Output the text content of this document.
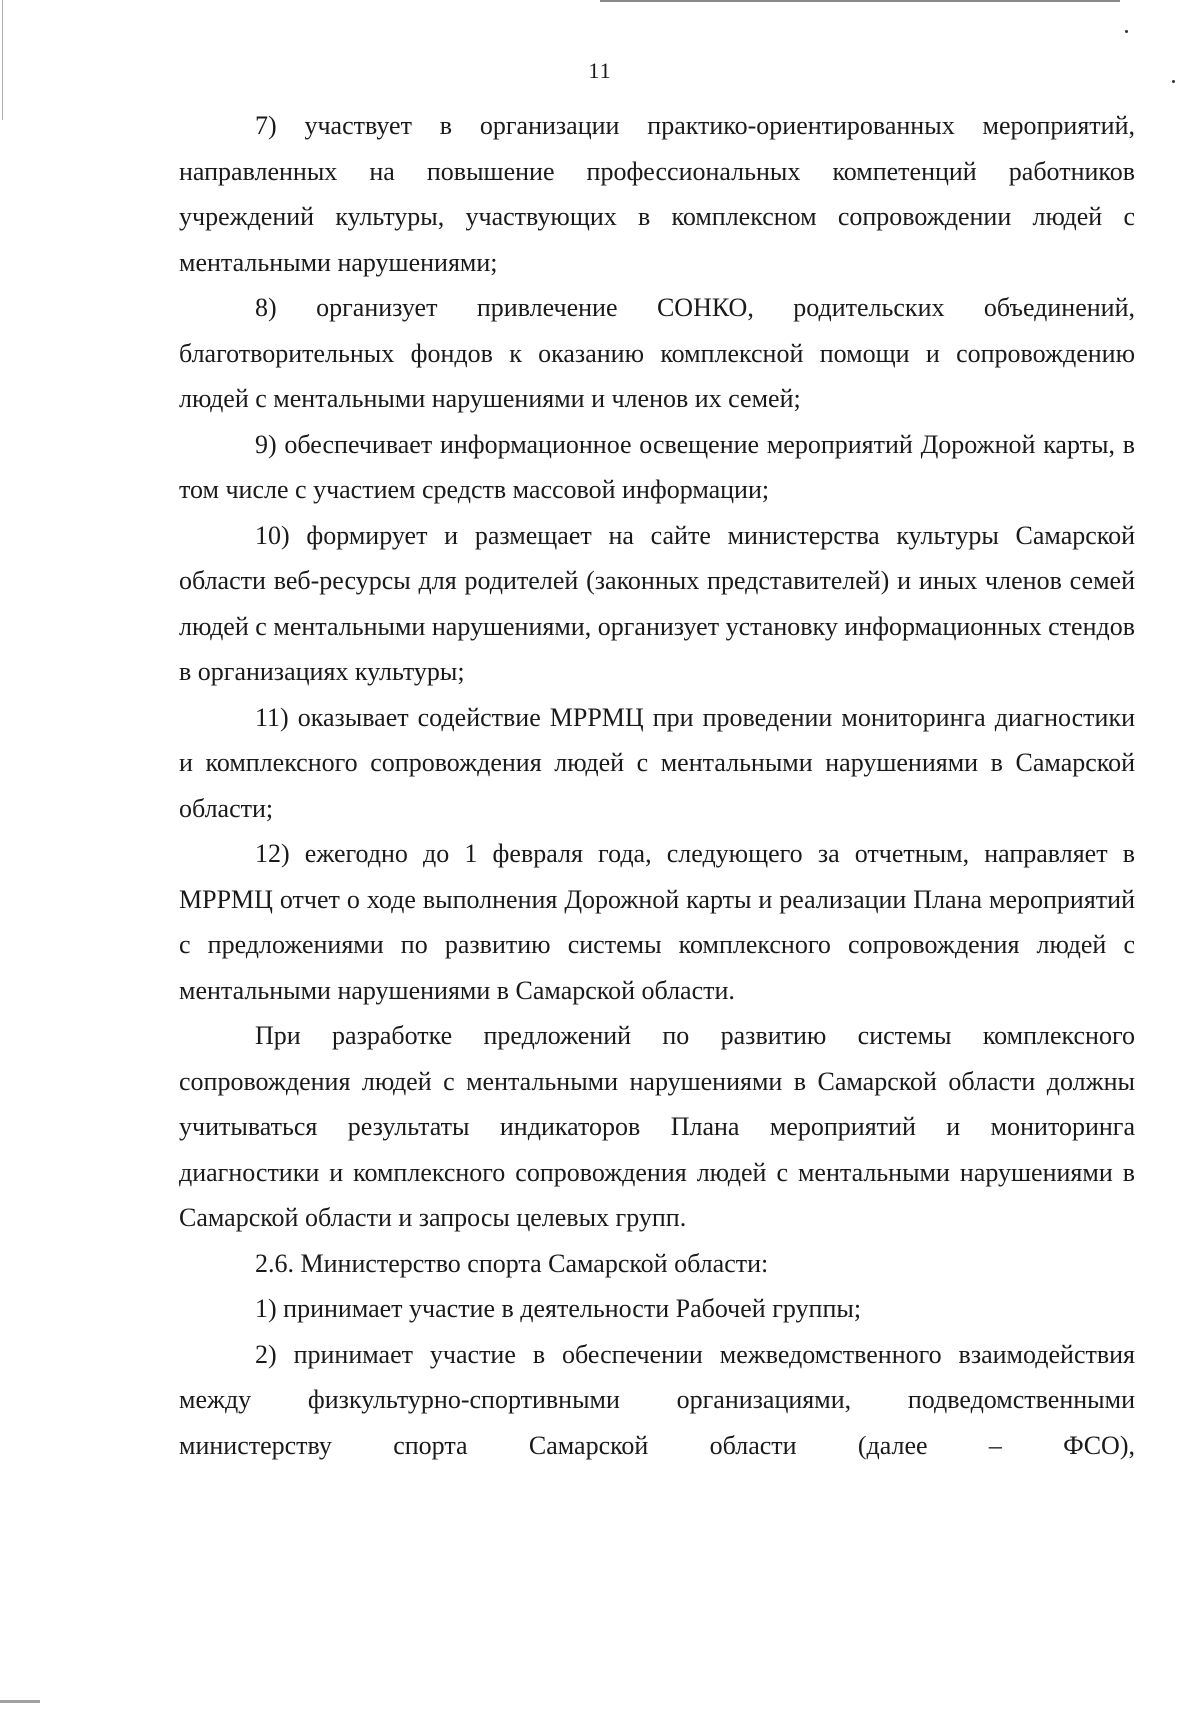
11

7) участвует в организации практико-ориентированных мероприятий, направленных на повышение профессиональных компетенций работников учреждений культуры, участвующих в комплексном сопровождении людей с ментальными нарушениями;

8) организует привлечение СОНКО, родительских объединений, благотворительных фондов к оказанию комплексной помощи и сопровождению людей с ментальными нарушениями и членов их семей;

9) обеспечивает информационное освещение мероприятий Дорожной карты, в том числе с участием средств массовой информации;

10) формирует и размещает на сайте министерства культуры Самарской области веб-ресурсы для родителей (законных представителей) и иных членов семей людей с ментальными нарушениями, организует установку информационных стендов в организациях культуры;

11) оказывает содействие МРРМЦ при проведении мониторинга диагностики и комплексного сопровождения людей с ментальными нарушениями в Самарской области;

12) ежегодно до 1 февраля года, следующего за отчетным, направляет в МРРМЦ отчет о ходе выполнения Дорожной карты и реализации Плана мероприятий с предложениями по развитию системы комплексного сопровождения людей с ментальными нарушениями в Самарской области.

При разработке предложений по развитию системы комплексного сопровождения людей с ментальными нарушениями в Самарской области должны учитываться результаты индикаторов Плана мероприятий и мониторинга диагностики и комплексного сопровождения людей с ментальными нарушениями в Самарской области и запросы целевых групп.

2.6. Министерство спорта Самарской области:

1) принимает участие в деятельности Рабочей группы;

2) принимает участие в обеспечении межведомственного взаимодействия между физкультурно-спортивными организациями, подведомственными министерству спорта Самарской области (далее – ФСО),
